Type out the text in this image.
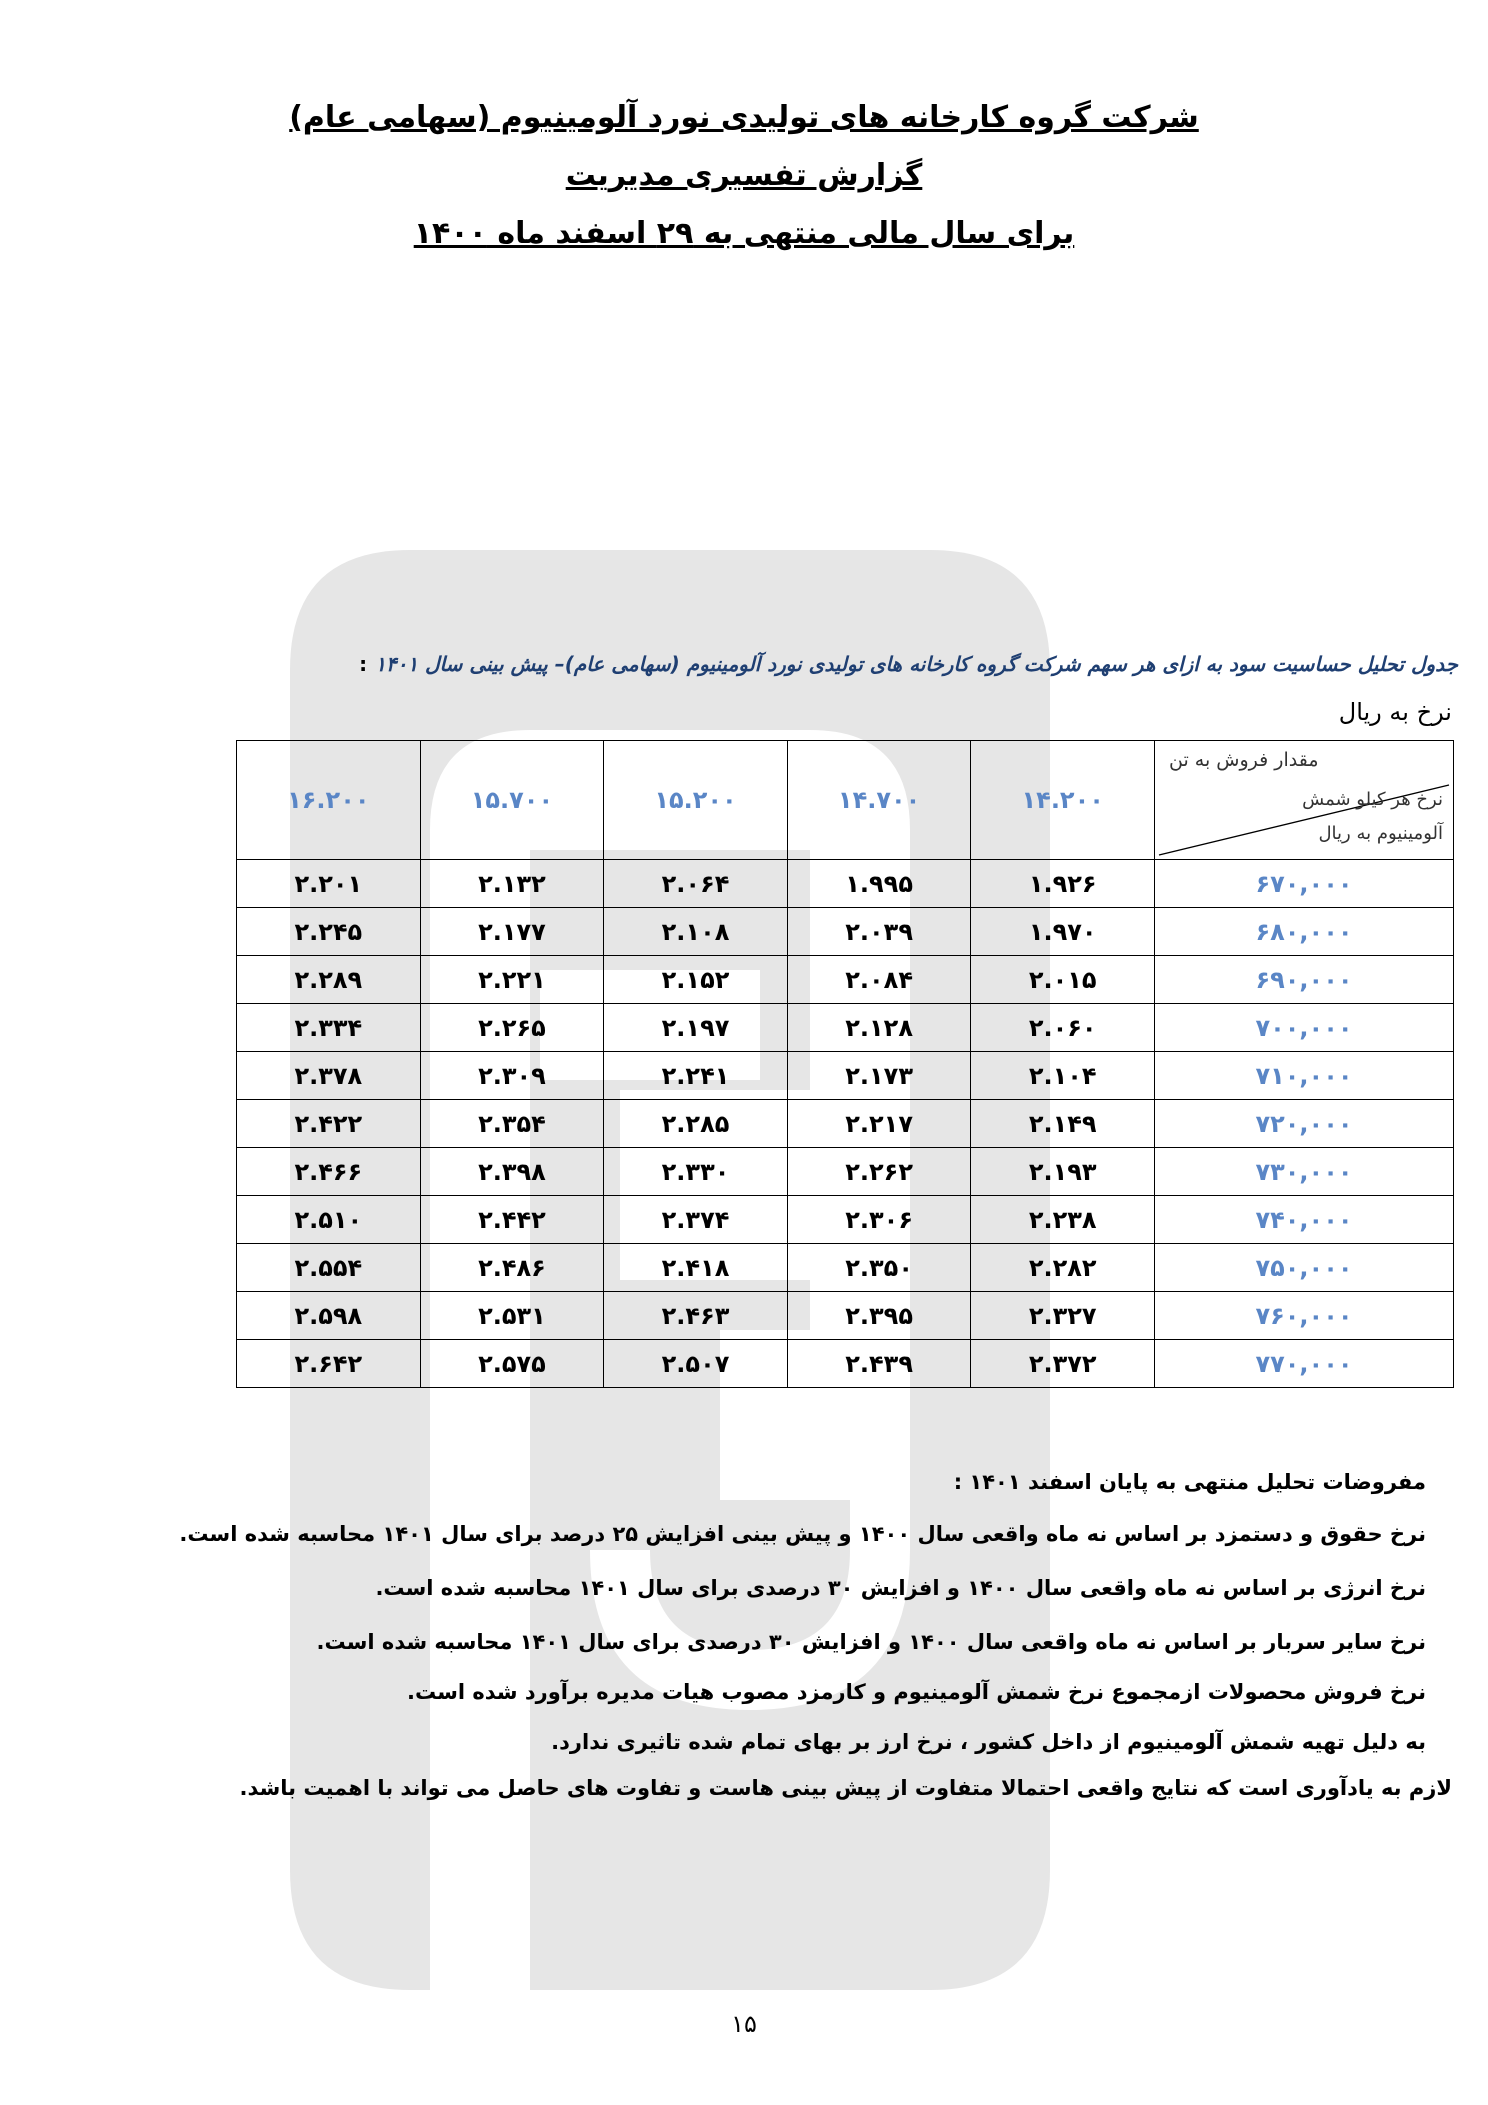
شرکت گروه کارخانه های تولیدی نورد آلومینیوم (سهامی عام)
گزارش تفسیری مدیریت
برای سال مالی منتهی به ۲۹ اسفند ماه ۱۴۰۰
جدول تحلیل حساسیت سود به ازای هر سهم شرکت گروه کارخانه های تولیدی نورد آلومینیوم (سهامی عام)– پیش بینی سال ۱۴۰۱:
نرخ به ریال
مقدار فروش به تن
نرخ هر کیلو شمش
آلومینیوم به ریال	۱۴.۲۰۰	۱۴.۷۰۰	۱۵.۲۰۰	۱۵.۷۰۰	۱۶.۲۰۰
۶۷۰,۰۰۰	۱.۹۲۶	۱.۹۹۵	۲.۰۶۴	۲.۱۳۲	۲.۲۰۱
۶۸۰,۰۰۰	۱.۹۷۰	۲.۰۳۹	۲.۱۰۸	۲.۱۷۷	۲.۲۴۵
۶۹۰,۰۰۰	۲.۰۱۵	۲.۰۸۴	۲.۱۵۲	۲.۲۲۱	۲.۲۸۹
۷۰۰,۰۰۰	۲.۰۶۰	۲.۱۲۸	۲.۱۹۷	۲.۲۶۵	۲.۳۳۴
۷۱۰,۰۰۰	۲.۱۰۴	۲.۱۷۳	۲.۲۴۱	۲.۳۰۹	۲.۳۷۸
۷۲۰,۰۰۰	۲.۱۴۹	۲.۲۱۷	۲.۲۸۵	۲.۳۵۴	۲.۴۲۲
۷۳۰,۰۰۰	۲.۱۹۳	۲.۲۶۲	۲.۳۳۰	۲.۳۹۸	۲.۴۶۶
۷۴۰,۰۰۰	۲.۲۳۸	۲.۳۰۶	۲.۳۷۴	۲.۴۴۲	۲.۵۱۰
۷۵۰,۰۰۰	۲.۲۸۲	۲.۳۵۰	۲.۴۱۸	۲.۴۸۶	۲.۵۵۴
۷۶۰,۰۰۰	۲.۳۲۷	۲.۳۹۵	۲.۴۶۳	۲.۵۳۱	۲.۵۹۸
۷۷۰,۰۰۰	۲.۳۷۲	۲.۴۳۹	۲.۵۰۷	۲.۵۷۵	۲.۶۴۲
مفروضات تحلیل منتهی به پایان اسفند ۱۴۰۱ :
نرخ حقوق و دستمزد بر اساس نه ماه واقعی سال ۱۴۰۰ و پیش بینی افزایش ۲۵ درصد برای سال ۱۴۰۱ محاسبه شده است.
نرخ انرژی بر اساس نه ماه واقعی سال ۱۴۰۰ و افزایش ۳۰ درصدی برای سال ۱۴۰۱ محاسبه شده است.
نرخ سایر سربار بر اساس نه ماه واقعی سال ۱۴۰۰ و افزایش ۳۰ درصدی برای سال ۱۴۰۱ محاسبه شده است.
نرخ فروش محصولات ازمجموع نرخ شمش آلومینیوم و کارمزد مصوب هیات مدیره برآورد شده است.
به دلیل تهیه شمش آلومینیوم از داخل کشور ، نرخ ارز بر بهای تمام شده تاثیری ندارد.
لازم به یادآوری است که نتایج واقعی احتمالا متفاوت از پیش بینی هاست و تفاوت های حاصل می تواند با اهمیت باشد.
۱۵
